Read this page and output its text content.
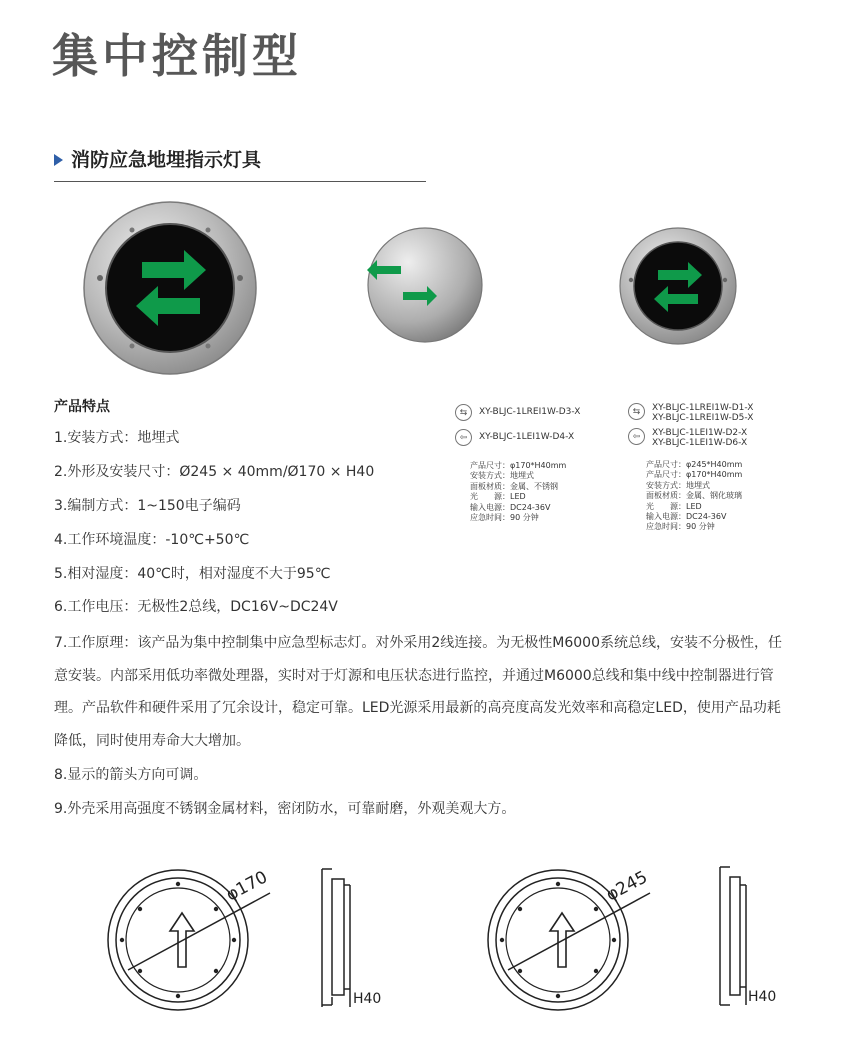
集中控制型
消防应急地埋指示灯具
产品特点
1.安装方式：地埋式
2.外形及安装尺寸：Ø245 × 40mm/Ø170 × H40
3.编制方式：1~150电子编码
4.工作环境温度：-10℃+50℃
5.相对湿度：40℃时，相对湿度不大于95℃
6.工作电压：无极性2总线，DC16V~DC24V
7.工作原理：该产品为集中控制集中应急型标志灯。对外采用2线连接。为无极性M6000系统总线，安装不分极性，任意安装。内部采用低功率微处理器，实时对于灯源和电压状态进行监控，并通过M6000总线和集中线中控制器进行管理。产品软件和硬件采用了冗余设计，稳定可靠。LED光源采用最新的高亮度高发光效率和高稳定LED，使用产品功耗降低，同时使用寿命大大增加。
8.显示的箭头方向可调。
9.外壳采用高强度不锈钢金属材料，密闭防水，可靠耐磨，外观美观大方。
⇆	XY-BLJC-1LREI1W-D3-X
⇦	XY-BLJC-1LEI1W-D4-X
产品尺寸：φ170*H40mm
安装方式：地埋式
面板材质：金属、不锈钢
光　　源：LED
输入电源：DC24-36V
应急时间：90 分钟
⇆	XY-BLJC-1LREI1W-D1-X
XY-BLJC-1LREI1W-D5-X
⇦	XY-BLJC-1LEI1W-D2-X
XY-BLJC-1LEI1W-D6-X
产品尺寸：φ245*H40mm
产品尺寸：φ170*H40mm
安装方式：地埋式
面板材质：金属、钢化玻璃
光　　源：LED
输入电源：DC24-36V
应急时间：90 分钟
φ170
H40
φ245
H40
